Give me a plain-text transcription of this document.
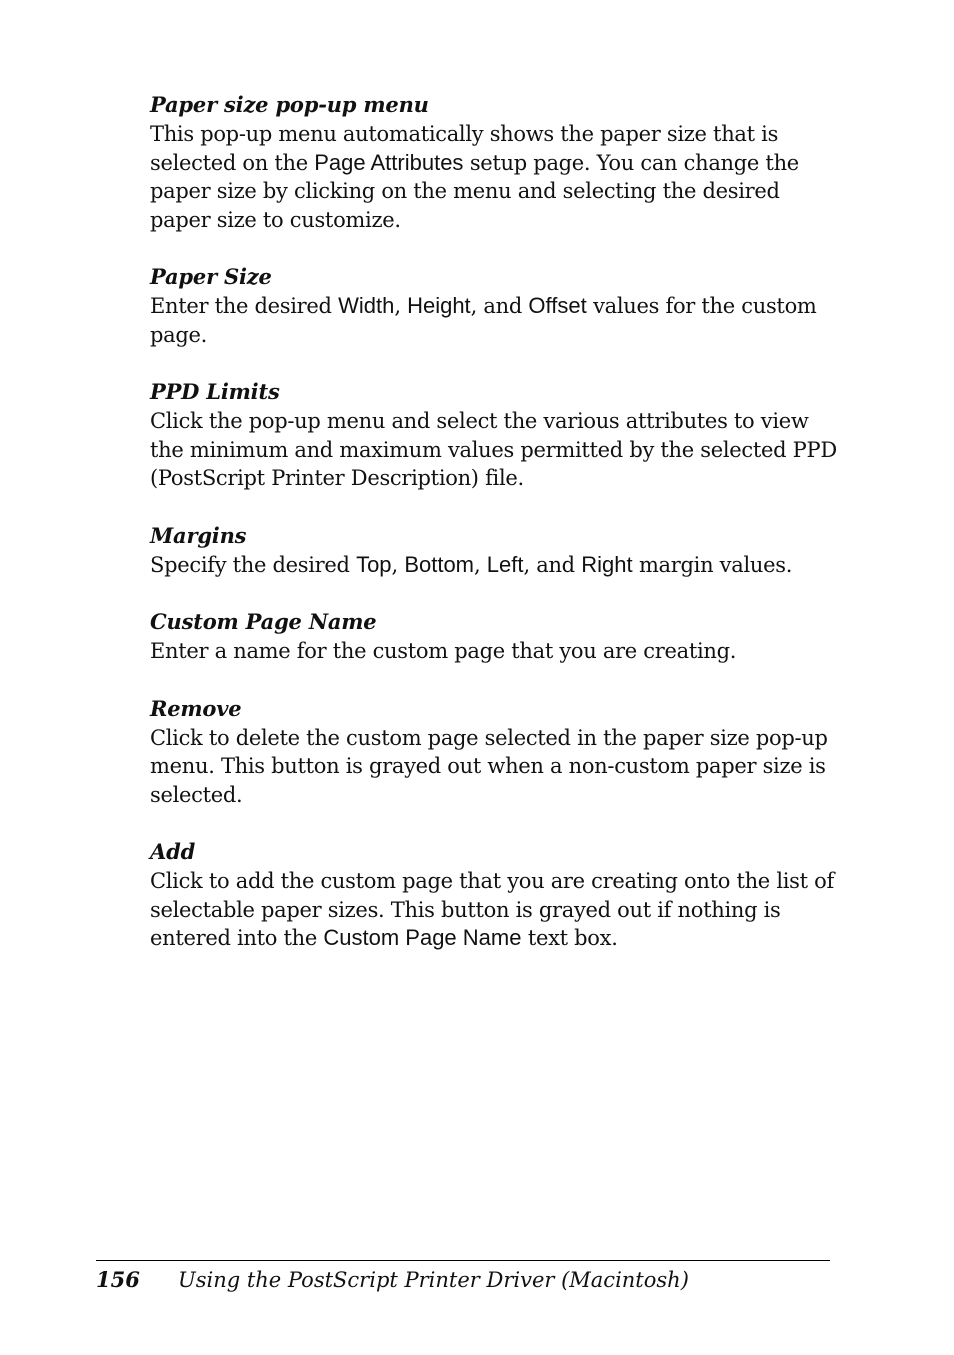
Paper size pop-up menu

This pop-up menu automatically shows the paper size that is selected on the Page Attributes setup page. You can change the paper size by clicking on the menu and selecting the desired paper size to customize.

Paper Size

Enter the desired Width, Height, and Offset values for the custom page.

PPD Limits

Click the pop-up menu and select the various attributes to view the minimum and maximum values permitted by the selected PPD (PostScript Printer Description) file.

Margins

Specify the desired Top, Bottom, Left, and Right margin values.

Custom Page Name

Enter a name for the custom page that you are creating.

Remove

Click to delete the custom page selected in the paper size pop-up menu. This button is grayed out when a non-custom paper size is selected.

Add

Click to add the custom page that you are creating onto the list of selectable paper sizes. This button is grayed out if nothing is entered into the Custom Page Name text box.

156 Using the PostScript Printer Driver (Macintosh)
